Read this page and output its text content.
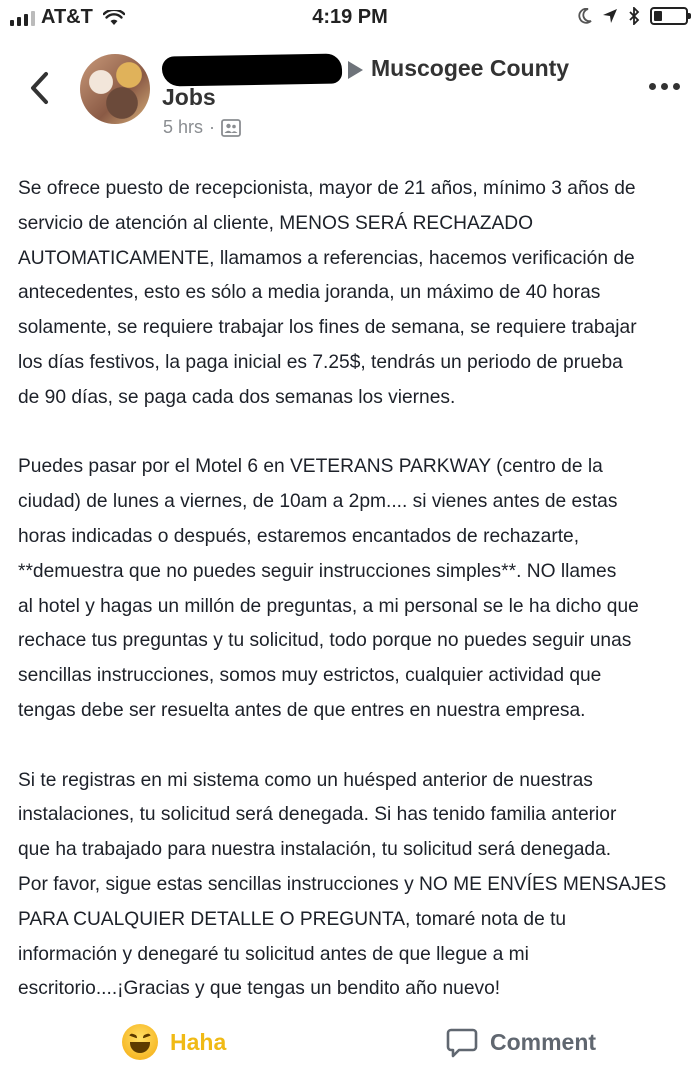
AT&T	4:19 PM
Muscogee County
Jobs
5 hrs ·

Se ofrece puesto de recepcionista, mayor de 21 años, mínimo 3 años de

servicio de atención al cliente, MENOS SERÁ RECHAZADO

AUTOMATICAMENTE, llamamos a referencias, hacemos verificación de

antecedentes, esto es sólo a media joranda, un máximo de 40 horas

solamente, se requiere trabajar los fines de semana, se requiere trabajar

los días festivos, la paga inicial es 7.25$, tendrás un periodo de prueba

de 90 días, se paga cada dos semanas los viernes.

Puedes pasar por el Motel 6 en VETERANS PARKWAY (centro de la

ciudad) de lunes a viernes, de 10am a 2pm.... si vienes antes de estas

horas indicadas o después, estaremos encantados de rechazarte,

**demuestra que no puedes seguir instrucciones simples**. NO llames

al hotel y hagas un millón de preguntas, a mi personal se le ha dicho que

rechace tus preguntas y tu solicitud, todo porque no puedes seguir unas

sencillas instrucciones, somos muy estrictos, cualquier actividad que

tengas debe ser resuelta antes de que entres en nuestra empresa.

Si te registras en mi sistema como un huésped anterior de nuestras

instalaciones, tu solicitud será denegada. Si has tenido familia anterior

que ha trabajado para nuestra instalación, tu solicitud será denegada.

Por favor, sigue estas sencillas instrucciones y NO ME ENVÍES MENSAJES

PARA CUALQUIER DETALLE O PREGUNTA, tomaré nota de tu

información y denegaré tu solicitud antes de que llegue a mi

escritorio....¡Gracias y que tengas un bendito año nuevo!

Haha	Comment
